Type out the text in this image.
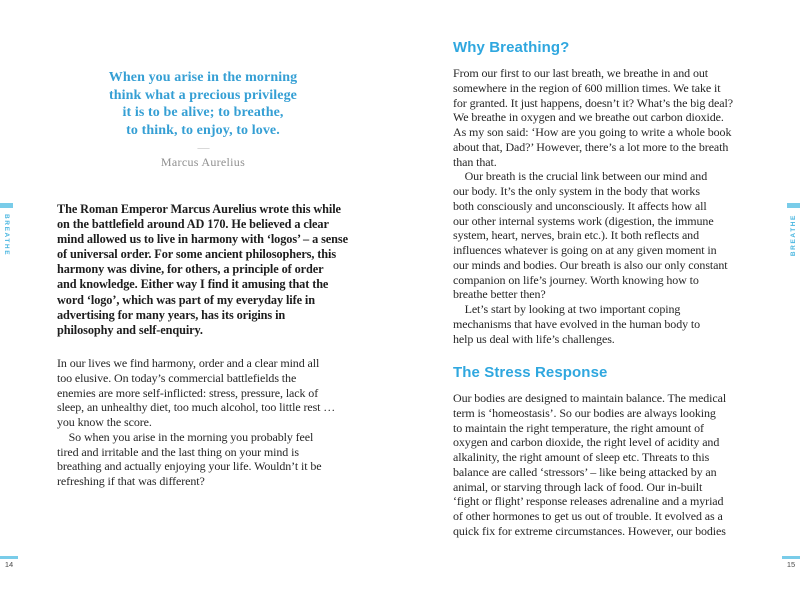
When you arise in the morning
think what a precious privilege
it is to be alive; to breathe,
to think, to enjoy, to love.
—
Marcus Aurelius
The Roman Emperor Marcus Aurelius wrote this while
on the battlefield around AD 170. He believed a clear
mind allowed us to live in harmony with ‘logos’ – a sense
of universal order. For some ancient philosophers, this
harmony was divine, for others, a principle of order
and knowledge. Either way I find it amusing that the
word ‘logo’, which was part of my everyday life in
advertising for many years, has its origins in
philosophy and self-enquiry.
In our lives we find harmony, order and a clear mind all
too elusive. On today’s commercial battlefields the
enemies are more self-inflicted: stress, pressure, lack of
sleep, an unhealthy diet, too much alcohol, too little rest …
you know the score.
So when you arise in the morning you probably feel
tired and irritable and the last thing on your mind is
breathing and actually enjoying your life. Wouldn’t it be
refreshing if that was different?
Why Breathing?
From our first to our last breath, we breathe in and out
somewhere in the region of 600 million times. We take it
for granted. It just happens, doesn’t it? What’s the big deal?
We breathe in oxygen and we breathe out carbon dioxide.
As my son said: ‘How are you going to write a whole book
about that, Dad?’ However, there’s a lot more to the breath
than that.
Our breath is the crucial link between our mind and
our body. It’s the only system in the body that works
both consciously and unconsciously. It affects how all
our other internal systems work (digestion, the immune
system, heart, nerves, brain etc.). It both reflects and
influences whatever is going on at any given moment in
our minds and bodies. Our breath is also our only constant
companion on life’s journey. Worth knowing how to
breathe better then?
Let’s start by looking at two important coping
mechanisms that have evolved in the human body to
help us deal with life’s challenges.
The Stress Response
Our bodies are designed to maintain balance. The medical
term is ‘homeostasis’. So our bodies are always looking
to maintain the right temperature, the right amount of
oxygen and carbon dioxide, the right level of acidity and
alkalinity, the right amount of sleep etc. Threats to this
balance are called ‘stressors’ – like being attacked by an
animal, or starving through lack of food. Our in-built
‘fight or flight’ response releases adrenaline and a myriad
of other hormones to get us out of trouble. It evolved as a
quick fix for extreme circumstances. However, our bodies
BREATHE	BREATHE
14	15
